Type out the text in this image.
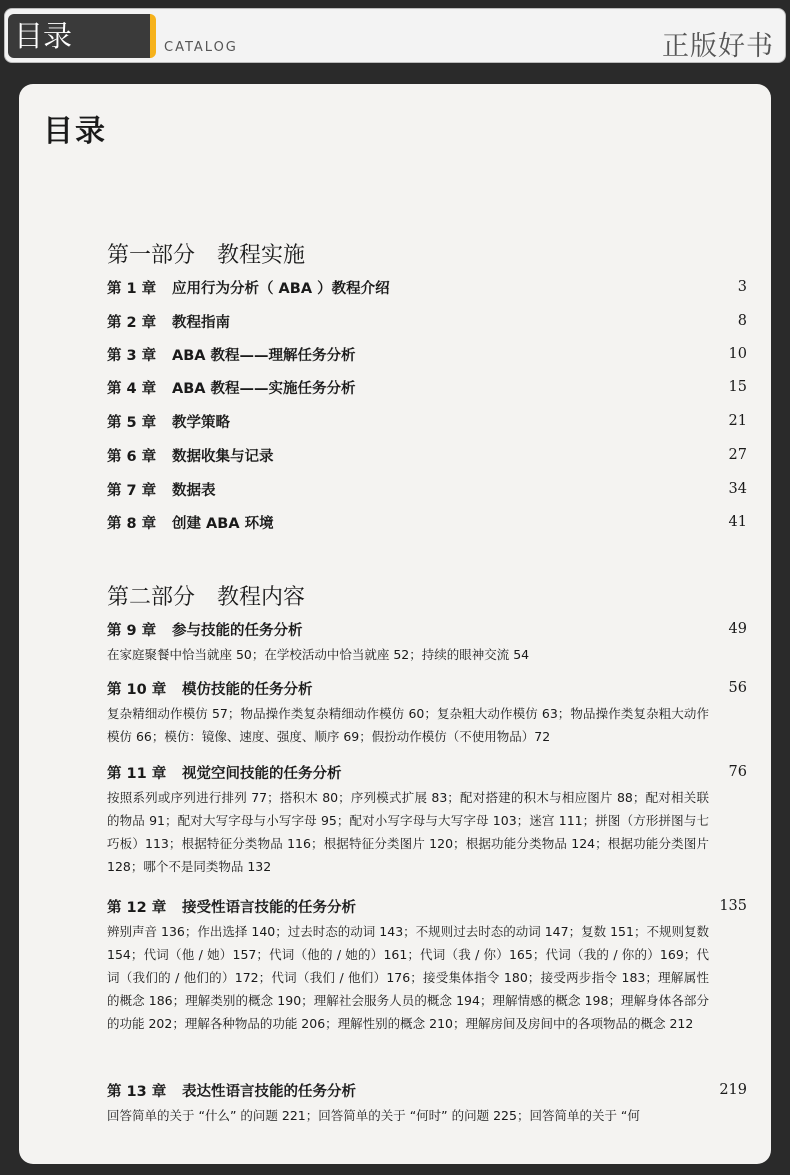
目录	CATALOG	正版好书
目录
第一部分　教程实施
第 1 章 应用行为分析（ ABA ）教程介绍	3
第 2 章 教程指南	8
第 3 章 ABA 教程——理解任务分析	10
第 4 章 ABA 教程——实施任务分析	15
第 5 章 教学策略	21
第 6 章 数据收集与记录	27
第 7 章 数据表	34
第 8 章 创建 ABA 环境	41
第二部分　教程内容
第 9 章 参与技能的任务分析	49
在家庭聚餐中恰当就座 50；在学校活动中恰当就座 52；持续的眼神交流 54
第 10 章 模仿技能的任务分析	56
复杂精细动作模仿 57；物品操作类复杂精细动作模仿 60；复杂粗大动作模仿 63；物品操作类复杂粗大动作模仿 66；模仿：镜像、速度、强度、顺序 69；假扮动作模仿（不使用物品）72
第 11 章 视觉空间技能的任务分析	76
按照系列或序列进行排列 77；搭积木 80；序列模式扩展 83；配对搭建的积木与相应图片 88；配对相关联的物品 91；配对大写字母与小写字母 95；配对小写字母与大写字母 103；迷宫 111；拼图（方形拼图与七巧板）113；根据特征分类物品 116；根据特征分类图片 120；根据功能分类物品 124；根据功能分类图片 128；哪个不是同类物品 132
第 12 章 接受性语言技能的任务分析	135
辨别声音 136；作出选择 140；过去时态的动词 143；不规则过去时态的动词 147；复数 151；不规则复数 154；代词（他 / 她）157；代词（他的 / 她的）161；代词（我 / 你）165；代词（我的 / 你的）169；代词（我们的 / 他们的）172；代词（我们 / 他们）176；接受集体指令 180；接受两步指令 183；理解属性的概念 186；理解类别的概念 190；理解社会服务人员的概念 194；理解情感的概念 198；理解身体各部分的功能 202；理解各种物品的功能 206；理解性别的概念 210；理解房间及房间中的各项物品的概念 212
第 13 章 表达性语言技能的任务分析	219
回答简单的关于 “什么” 的问题 221；回答简单的关于 “何时” 的问题 225；回答简单的关于 “何
